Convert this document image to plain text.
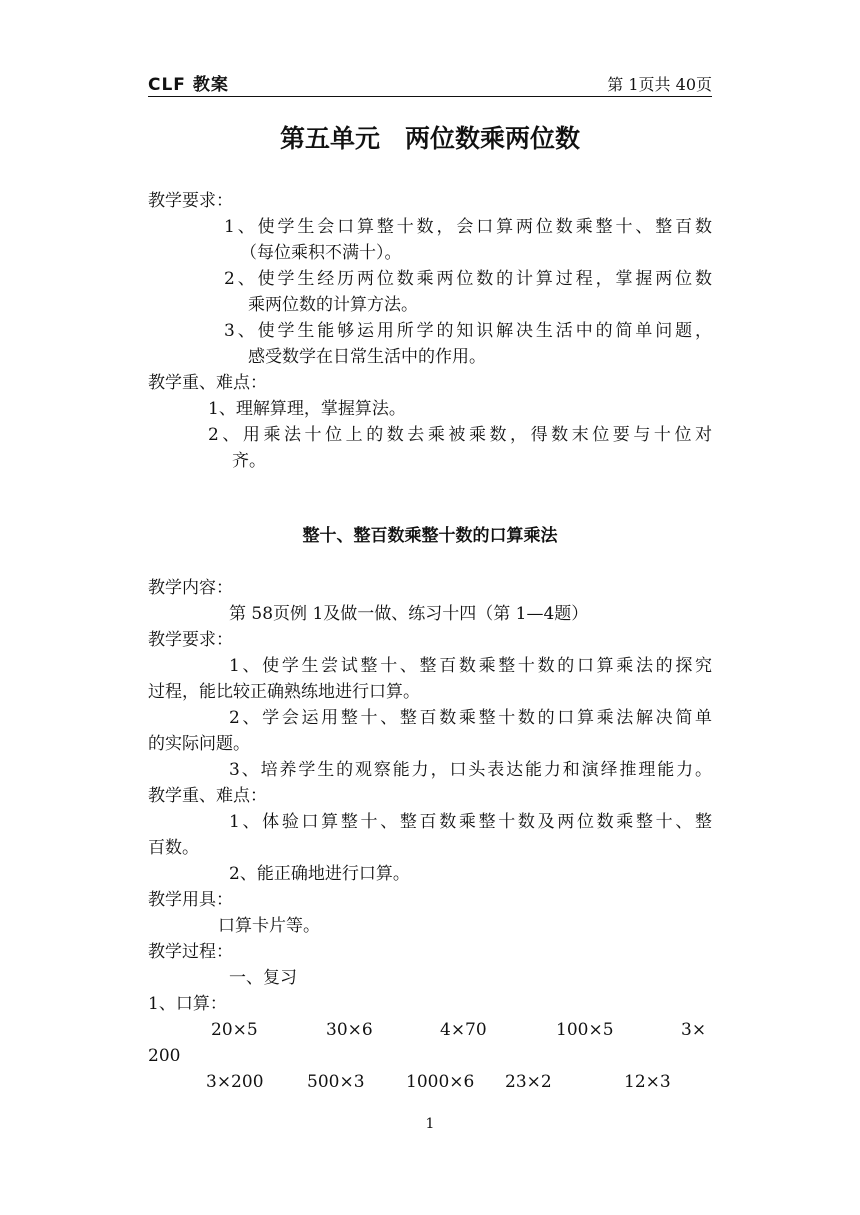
CLF 教案	第 1页共 40页
第五单元　两位数乘两位数
教学要求：
1、使学生会口算整十数，会口算两位数乘整十、整百数
（每位乘积不满十）。
2、使学生经历两位数乘两位数的计算过程，掌握两位数
乘两位数的计算方法。
3、使学生能够运用所学的知识解决生活中的简单问题，
感受数学在日常生活中的作用。
教学重、难点：
1、理解算理，掌握算法。
2、用乘法十位上的数去乘被乘数，得数末位要与十位对
齐。
整十、整百数乘整十数的口算乘法
教学内容：
第 58页例 1及做一做、练习十四（第 1—4题）
教学要求：
1、使学生尝试整十、整百数乘整十数的口算乘法的探究
过程，能比较正确熟练地进行口算。
2、学会运用整十、整百数乘整十数的口算乘法解决简单
的实际问题。
3、培养学生的观察能力，口头表达能力和演绎推理能力。
教学重、难点：
1、体验口算整十、整百数乘整十数及两位数乘整十、整
百数。
2、能正确地进行口算。
教学用具：
口算卡片等。
教学过程：
一、复习
1、口算：
20×5	30×6	4×70	100×5	3×
200
3×200	500×3 1000×6 23×2	12×3
1
